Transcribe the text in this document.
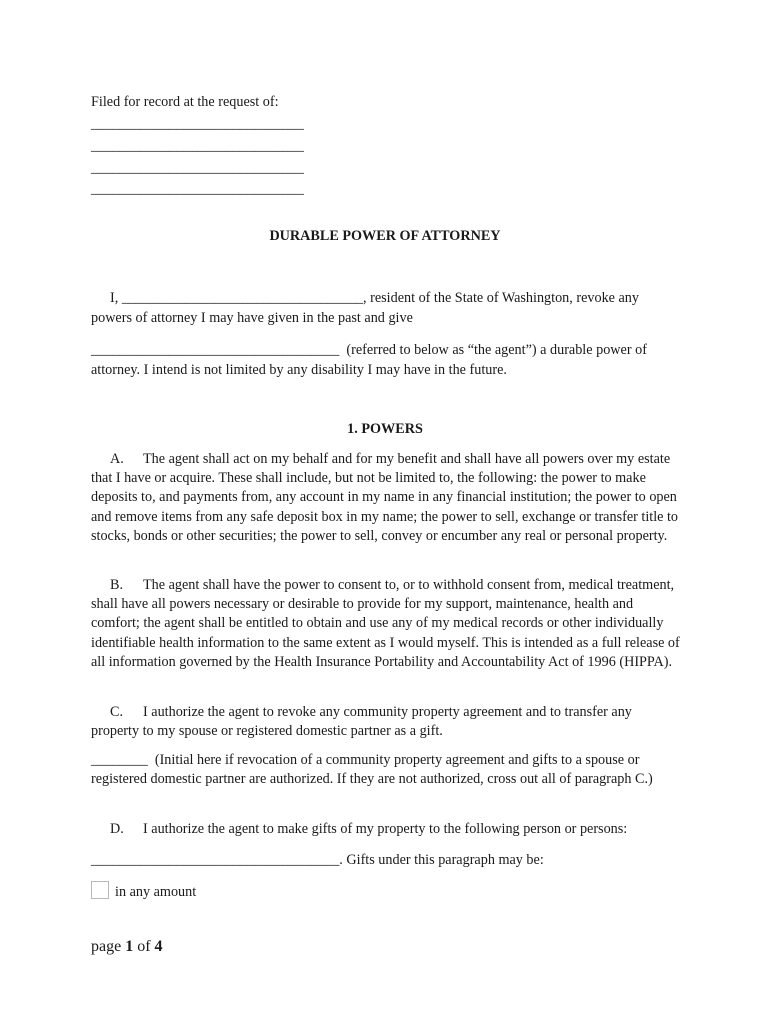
Filed for record at the request of:
______________________________
______________________________
______________________________
______________________________
DURABLE POWER OF ATTORNEY
I, __________________________________, resident of the State of Washington, revoke any
powers of attorney I may have given in the past and give
___________________________________ (referred to below as “the agent”) a durable power of
attorney. I intend is not limited by any disability I may have in the future.
1. POWERS
A. The agent shall act on my behalf and for my benefit and shall have all powers over my estate that I have or acquire. These shall include, but not be limited to, the following: the power to make deposits to, and payments from, any account in my name in any financial institution; the power to open and remove items from any safe deposit box in my name; the power to sell, exchange or transfer title to stocks, bonds or other securities; the power to sell, convey or encumber any real or personal property.
B. The agent shall have the power to consent to, or to withhold consent from, medical treatment, shall have all powers necessary or desirable to provide for my support, maintenance, health and comfort; the agent shall be entitled to obtain and use any of my medical records or other individually identifiable health information to the same extent as I would myself. This is intended as a full release of all information governed by the Health Insurance Portability and Accountability Act of 1996 (HIPPA).
C. I authorize the agent to revoke any community property agreement and to transfer any property to my spouse or registered domestic partner as a gift.
________ (Initial here if revocation of a community property agreement and gifts to a spouse or registered domestic partner are authorized. If they are not authorized, cross out all of paragraph C.)
D. I authorize the agent to make gifts of my property to the following person or persons:
___________________________________. Gifts under this paragraph may be:
in any amount
page 1 of 4
